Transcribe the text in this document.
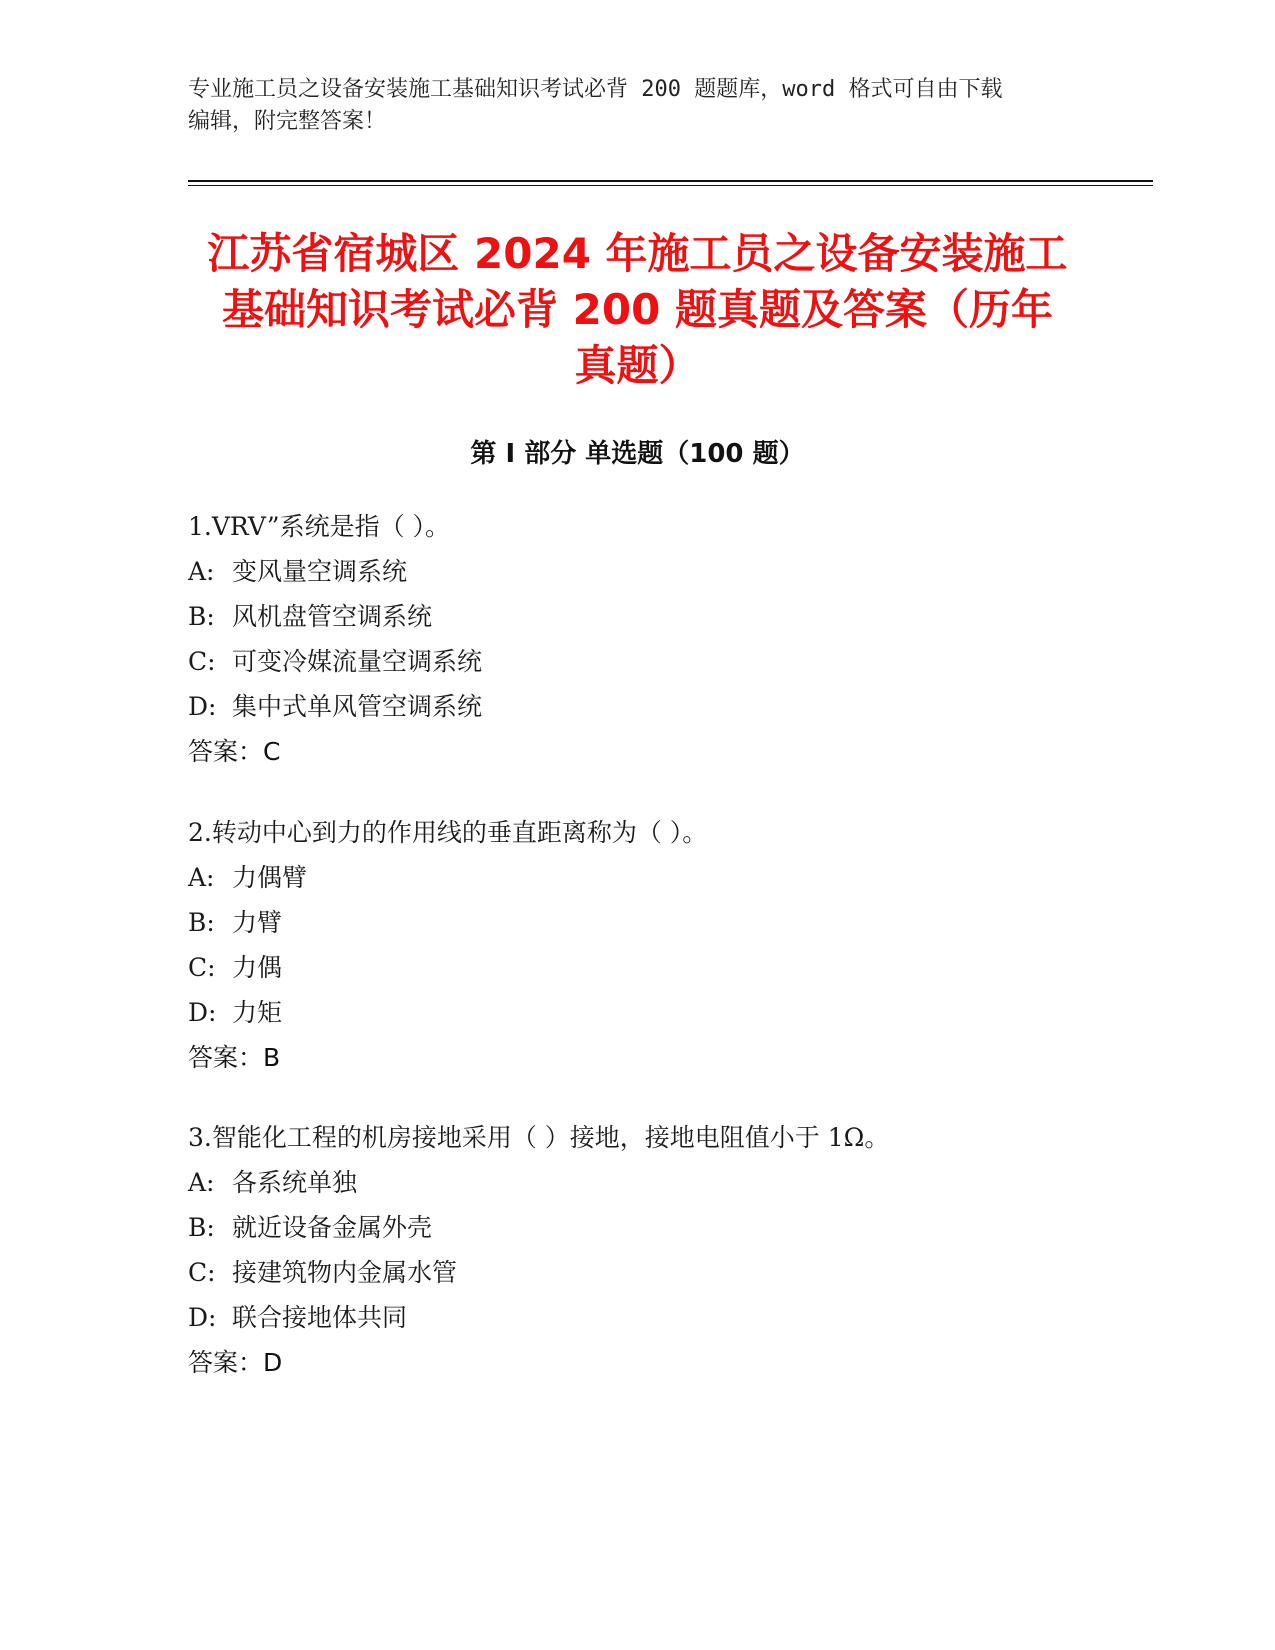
专业施工员之设备安装施工基础知识考试必背 200 题题库，word 格式可自由下载
编辑，附完整答案！
江苏省宿城区 2024 年施工员之设备安装施工
基础知识考试必背 200 题真题及答案（历年
真题）
第 I 部分 单选题（100 题）
1.VRV”系统是指（ ）。
A: 变风量空调系统
B: 风机盘管空调系统
C: 可变冷媒流量空调系统
D: 集中式单风管空调系统
答案：C
2.转动中心到力的作用线的垂直距离称为（ ）。
A: 力偶臂
B: 力臂
C: 力偶
D: 力矩
答案：B
3.智能化工程的机房接地采用（ ）接地，接地电阻值小于 1Ω。
A: 各系统单独
B: 就近设备金属外壳
C: 接建筑物内金属水管
D: 联合接地体共同
答案：D
